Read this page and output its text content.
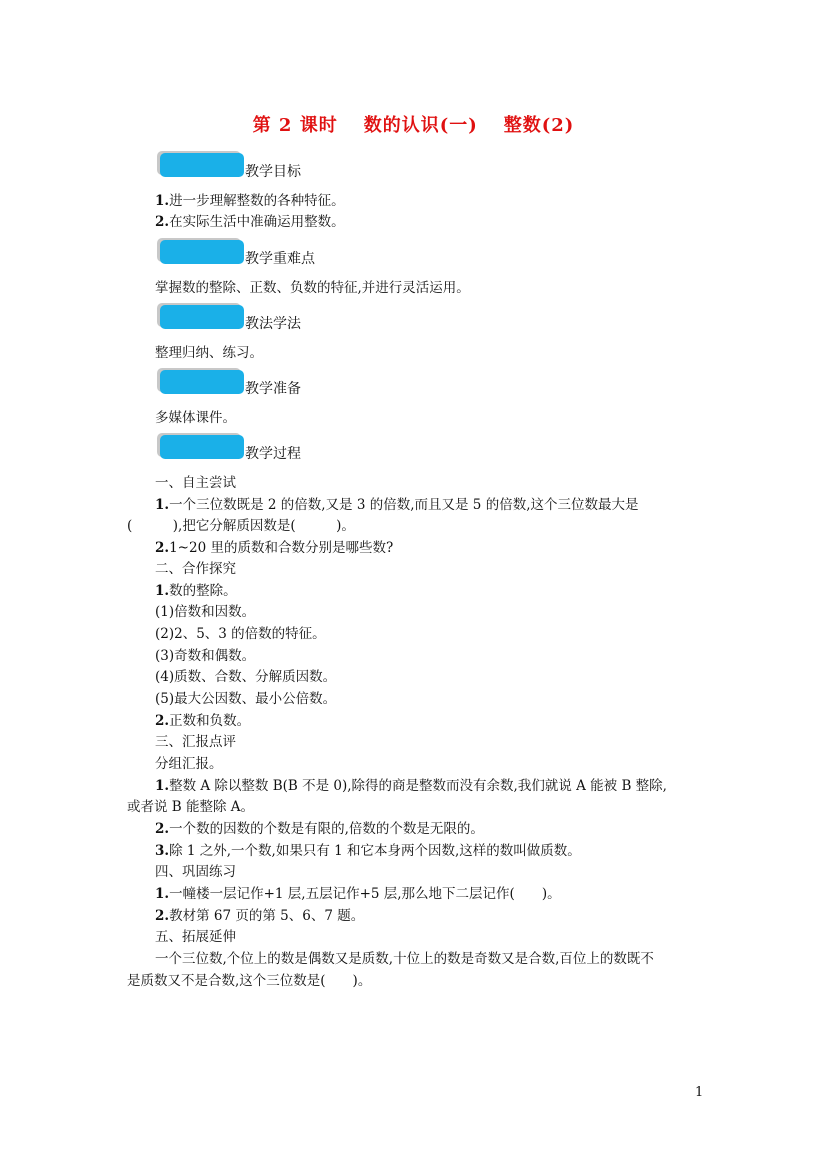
第 2 课时 数的认识(一) 整数(2)
教学目标
1.进一步理解整数的各种特征。
2.在实际生活中准确运用整数。
教学重难点
掌握数的整除、正数、负数的特征,并进行灵活运用。
教法学法
整理归纳、练习。
教学准备
多媒体课件。
教学过程
一、自主尝试
1.一个三位数既是 2 的倍数,又是 3 的倍数,而且又是 5 的倍数,这个三位数最大是
(　　　),把它分解质因数是(　　　)。
2.1~20 里的质数和合数分别是哪些数?
二、合作探究
1.数的整除。
(1)倍数和因数。
(2)2、5、3 的倍数的特征。
(3)奇数和偶数。
(4)质数、合数、分解质因数。
(5)最大公因数、最小公倍数。
2.正数和负数。
三、汇报点评
分组汇报。
1.整数 A 除以整数 B(B 不是 0),除得的商是整数而没有余数,我们就说 A 能被 B 整除,
或者说 B 能整除 A。
2.一个数的因数的个数是有限的,倍数的个数是无限的。
3.除 1 之外,一个数,如果只有 1 和它本身两个因数,这样的数叫做质数。
四、巩固练习
1.一幢楼一层记作+1 层,五层记作+5 层,那么地下二层记作(　　)。
2.教材第 67 页的第 5、6、7 题。
五、拓展延伸
一个三位数,个位上的数是偶数又是质数,十位上的数是奇数又是合数,百位上的数既不
是质数又不是合数,这个三位数是(　　)。
1
